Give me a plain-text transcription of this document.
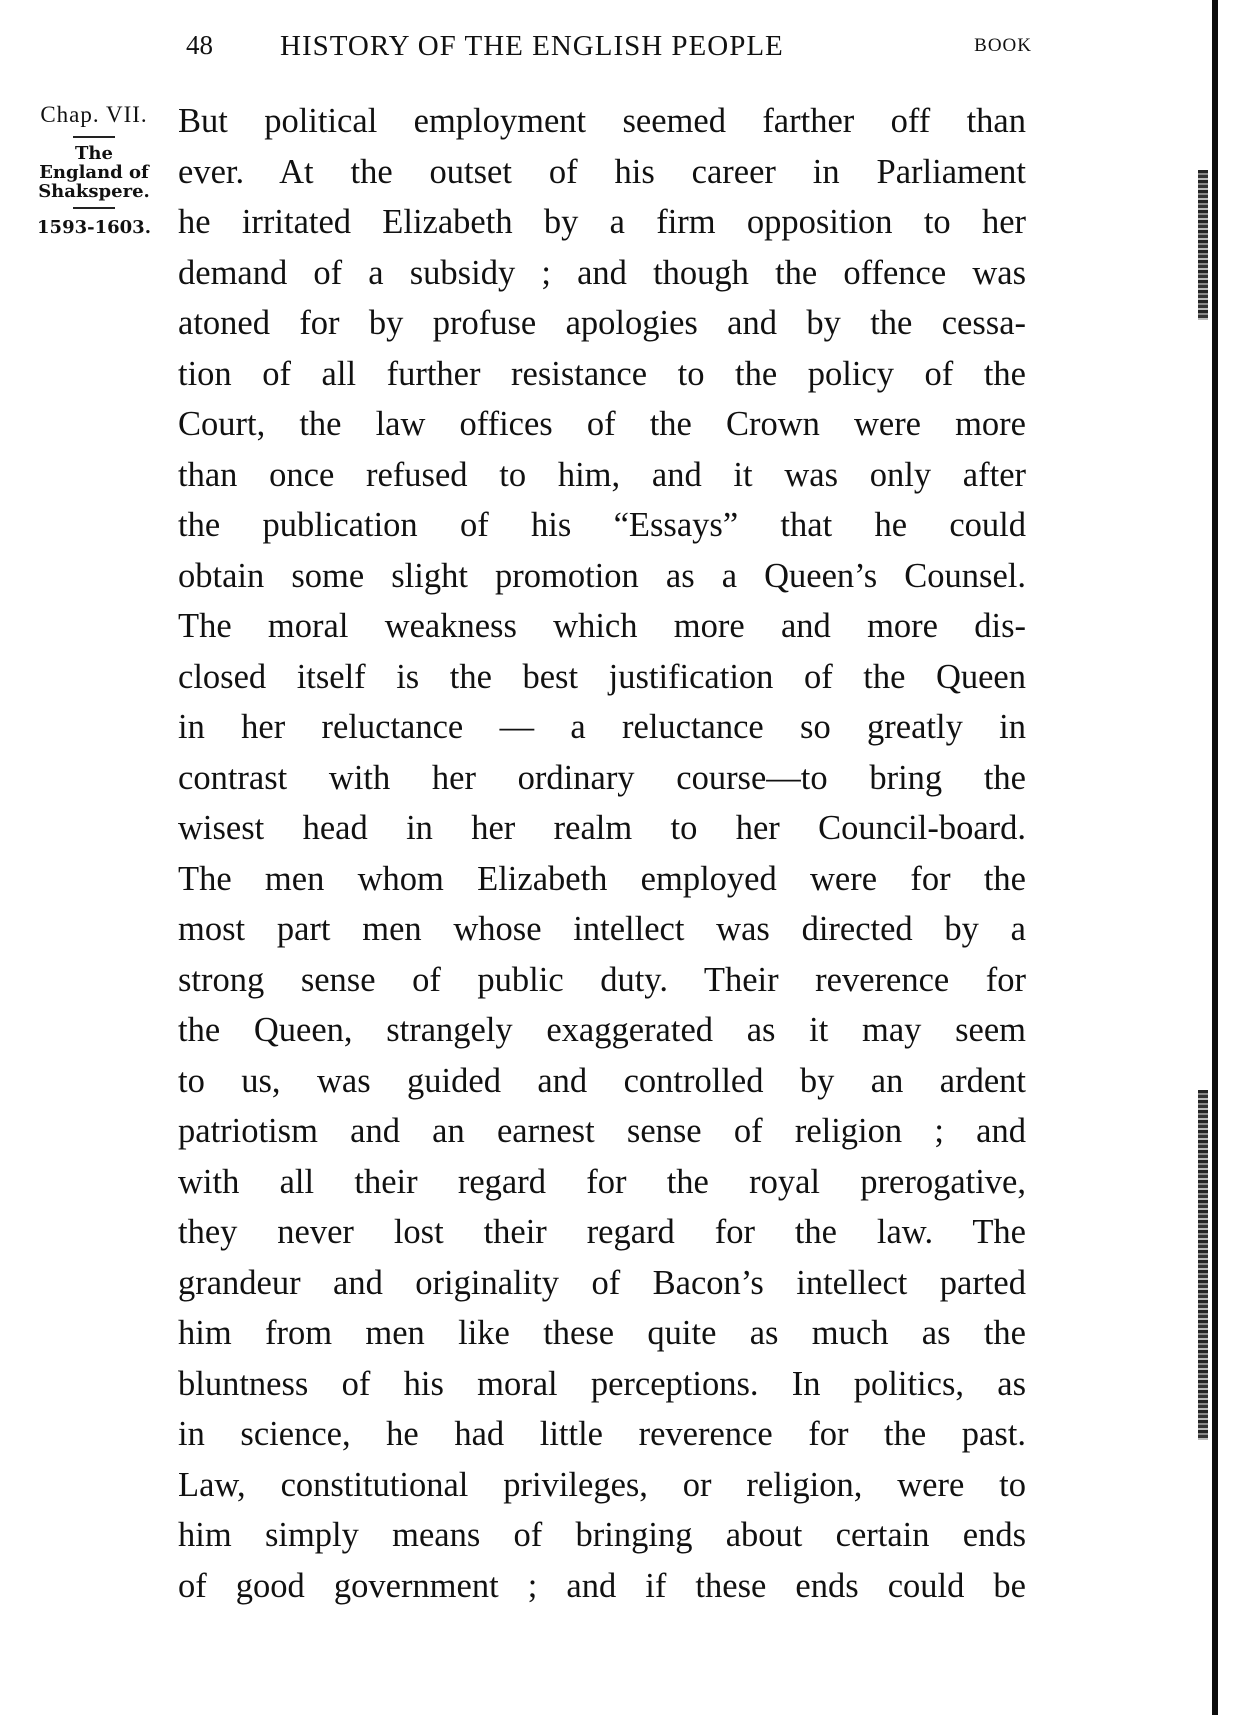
48 HISTORY OF THE ENGLISH PEOPLE	BOOK
Chap. VII.
The
England of
Shakspere.
1593-1603.
But political employment seemed farther off than
ever. At the outset of his career in Parliament
he irritated Elizabeth by a firm opposition to her
demand of a subsidy ; and though the offence was
atoned for by profuse apologies and by the cessa-
tion of all further resistance to the policy of the
Court, the law offices of the Crown were more
than once refused to him, and it was only after
the publication of his “Essays” that he could
obtain some slight promotion as a Queen’s Counsel.
The moral weakness which more and more dis-
closed itself is the best justification of the Queen
in her reluctance — a reluctance so greatly in
contrast with her ordinary course—to bring the
wisest head in her realm to her Council-board.
The men whom Elizabeth employed were for the
most part men whose intellect was directed by a
strong sense of public duty. Their reverence for
the Queen, strangely exaggerated as it may seem
to us, was guided and controlled by an ardent
patriotism and an earnest sense of religion ; and
with all their regard for the royal prerogative,
they never lost their regard for the law. The
grandeur and originality of Bacon’s intellect parted
him from men like these quite as much as the
bluntness of his moral perceptions. In politics, as
in science, he had little reverence for the past.
Law, constitutional privileges, or religion, were to
him simply means of bringing about certain ends
of good government ; and if these ends could be
